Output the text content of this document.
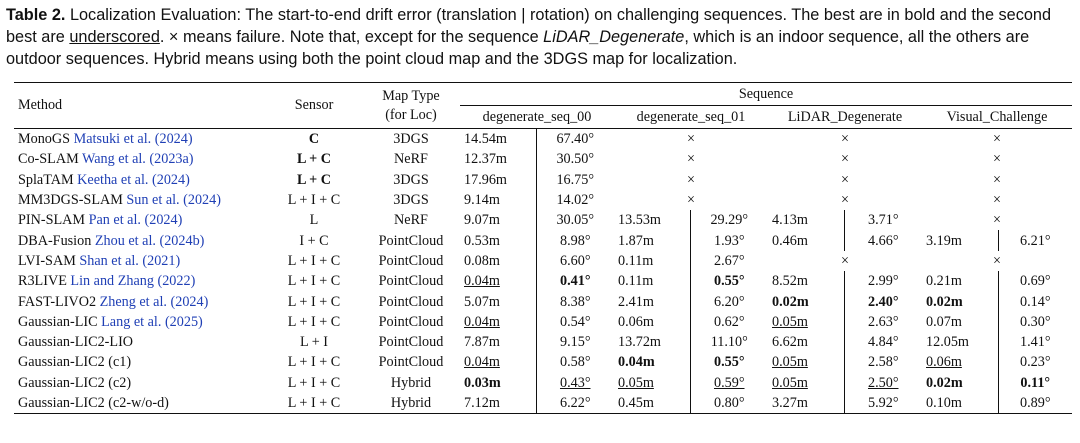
Table 2. Localization Evaluation: The start-to-end drift error (translation | rotation) on challenging sequences. The best are in bold and the second best are underscored. × means failure. Note that, except for the sequence LiDAR_Degenerate, which is an indoor sequence, all the others are outdoor sequences. Hybrid means using both the point cloud map and the 3DGS map for localization.
Method	Sensor	Map Type
(for Loc)	Sequence							
			degenerate_seq_00		degenerate_seq_01		LiDAR_Degenerate		Visual_Challenge	
MonoGS Matsuki et al. (2024)	C	3DGS	14.54m	67.40°	×		×		×	
Co-SLAM Wang et al. (2023a)	L + C	NeRF	12.37m	30.50°	×		×		×	
SplaTAM Keetha et al. (2024)	L + C	3DGS	17.96m	16.75°	×		×		×	
MM3DGS-SLAM Sun et al. (2024)	L + I + C	3DGS	9.14m	14.02°	×		×		×	
PIN-SLAM Pan et al. (2024)	L	NeRF	9.07m	30.05°	13.53m	29.29°	4.13m	3.71°	×	
DBA-Fusion Zhou et al. (2024b)	I + C	PointCloud	0.53m	8.98°	1.87m	1.93°	0.46m	4.66°	3.19m	6.21°
LVI-SAM Shan et al. (2021)	L + I + C	PointCloud	0.08m	6.60°	0.11m	2.67°	×		×	
R3LIVE Lin and Zhang (2022)	L + I + C	PointCloud	0.04m	0.41°	0.11m	0.55°	8.52m	2.99°	0.21m	0.69°
FAST-LIVO2 Zheng et al. (2024)	L + I + C	PointCloud	5.07m	8.38°	2.41m	6.20°	0.02m	2.40°	0.02m	0.14°
Gaussian-LIC Lang et al. (2025)	L + I + C	PointCloud	0.04m	0.54°	0.06m	0.62°	0.05m	2.63°	0.07m	0.30°
Gaussian-LIC2-LIO	L + I	PointCloud	7.87m	9.15°	13.72m	11.10°	6.62m	4.84°	12.05m	1.41°
Gaussian-LIC2 (c1)	L + I + C	PointCloud	0.04m	0.58°	0.04m	0.55°	0.05m	2.58°	0.06m	0.23°
Gaussian-LIC2 (c2)	L + I + C	Hybrid	0.03m	0.43°	0.05m	0.59°	0.05m	2.50°	0.02m	0.11°
Gaussian-LIC2 (c2-w/o-d)	L + I + C	Hybrid	7.12m	6.22°	0.45m	0.80°	3.27m	5.92°	0.10m	0.89°
